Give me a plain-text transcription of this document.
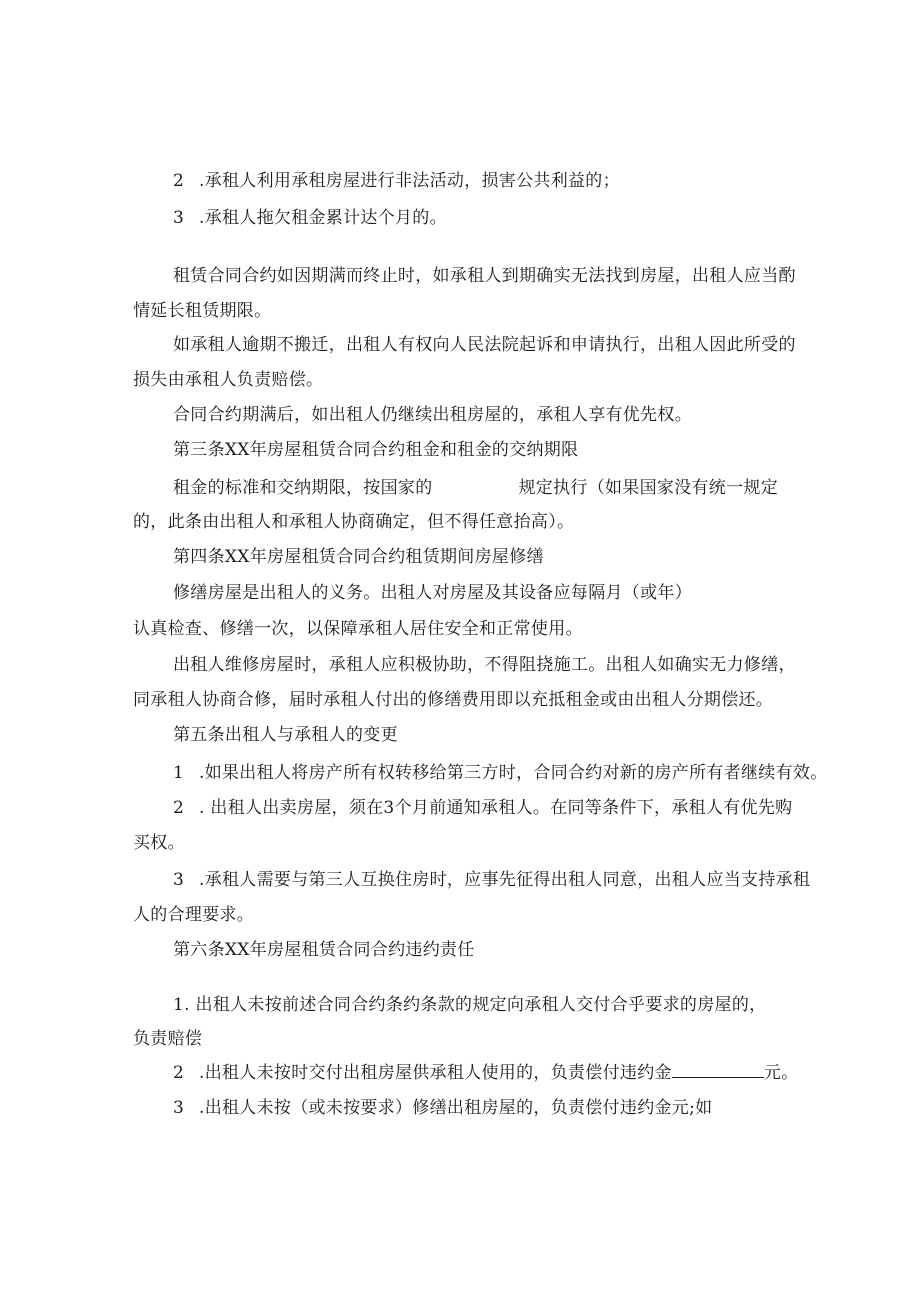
2 .承租人利用承租房屋进行非法活动，损害公共利益的；
3 .承租人拖欠租金累计达个月的。
租赁合同合约如因期满而终止时，如承租人到期确实无法找到房屋，出租人应当酌
情延长租赁期限。
如承租人逾期不搬迁，出租人有权向人民法院起诉和申请执行，出租人因此所受的
损失由承租人负责赔偿。
合同合约期满后，如出租人仍继续出租房屋的，承租人享有优先权。
第三条XX年房屋租赁合同合约租金和租金的交纳期限
租金的标准和交纳期限，按国家的	规定执行（如果国家没有统一规定
的，此条由出租人和承租人协商确定，但不得任意抬高）。
第四条XX年房屋租赁合同合约租赁期间房屋修缮
修缮房屋是出租人的义务。出租人对房屋及其设备应每隔月（或年）
认真检查、修缮一次，以保障承租人居住安全和正常使用。
出租人维修房屋时，承租人应积极协助，不得阻挠施工。出租人如确实无力修缮，
同承租人协商合修，届时承租人付出的修缮费用即以充抵租金或由出租人分期偿还。
第五条出租人与承租人的变更
1 .如果出租人将房产所有权转移给第三方时，合同合约对新的房产所有者继续有效。
2 . 出租人出卖房屋，须在3个月前通知承租人。在同等条件下，承租人有优先购
买权。
3 .承租人需要与第三人互换住房时，应事先征得出租人同意，出租人应当支持承租
人的合理要求。
第六条XX年房屋租赁合同合约违约责任
1. 出租人未按前述合同合约条约条款的规定向承租人交付合乎要求的房屋的，
负责赔偿
2 .出租人未按时交付出租房屋供承租人使用的，负责偿付违约金	元。
3 .出租人未按（或未按要求）修缮出租房屋的，负责偿付违约金元;如
